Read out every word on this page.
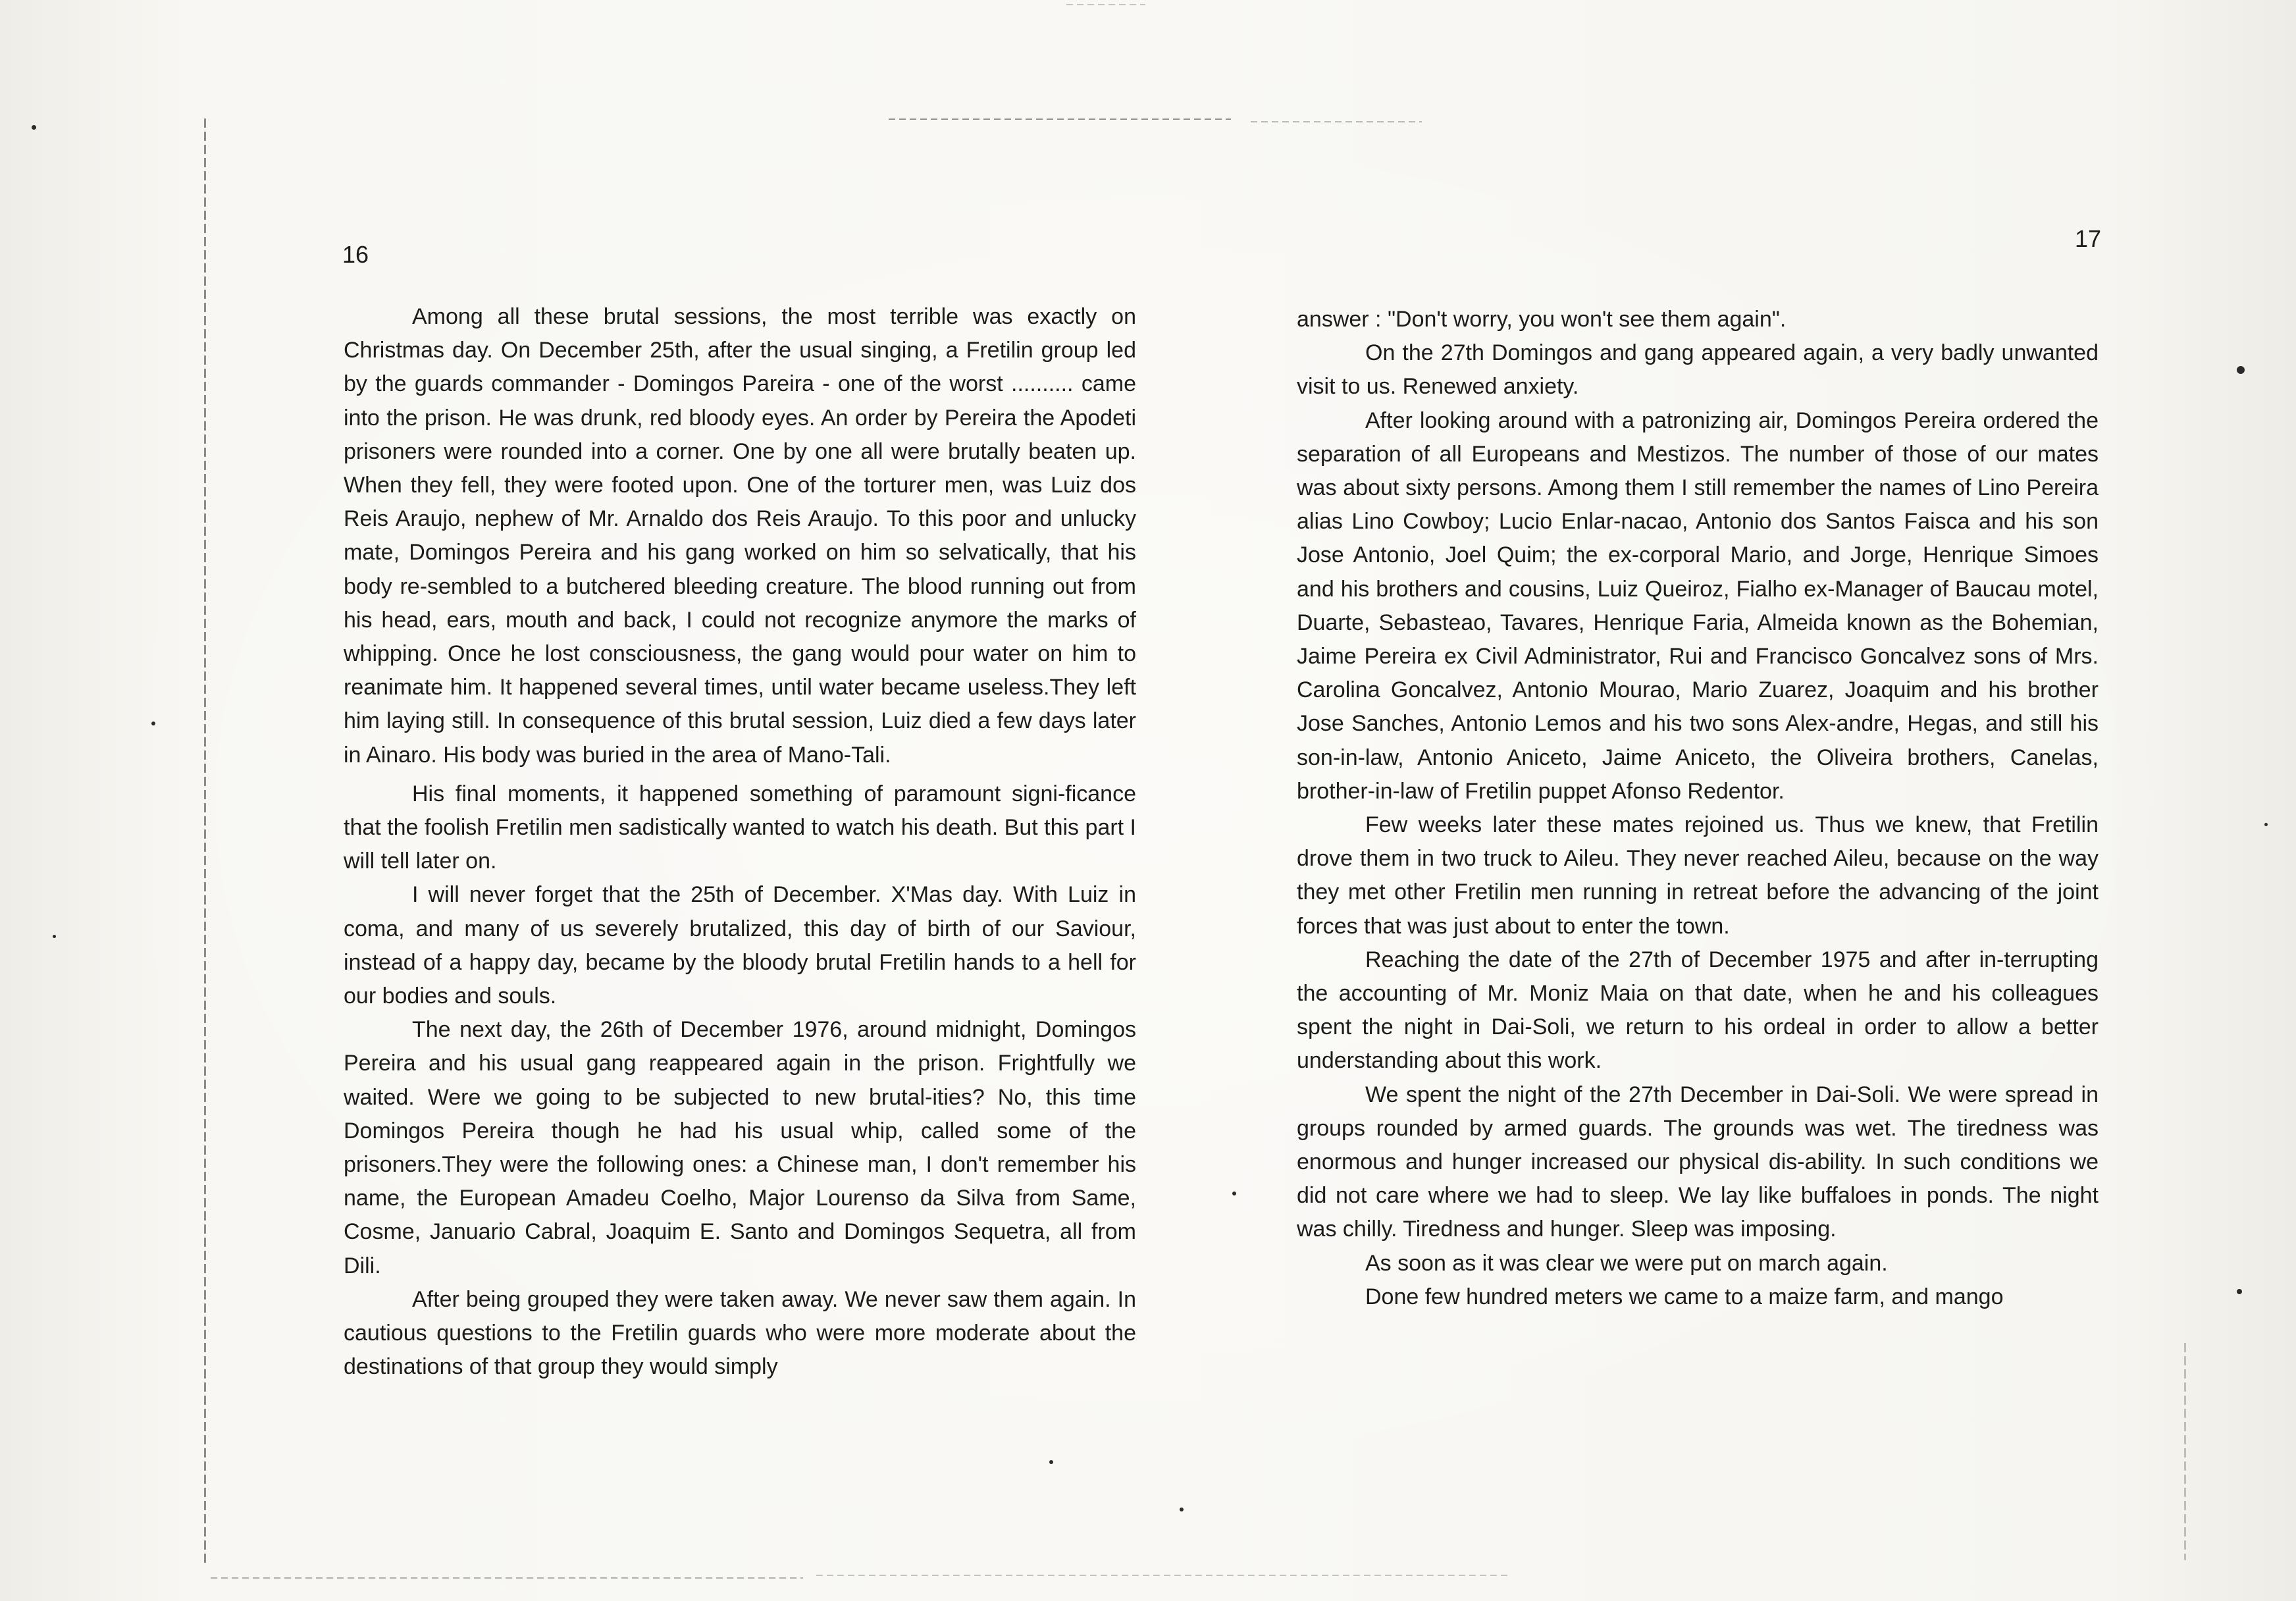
16

Among all these brutal sessions, the most terrible was exactly on Christmas day. On December 25th, after the usual singing, a Fretilin group led by the guards commander - Domingos Pareira - one of the worst .......... came into the prison. He was drunk, red bloody eyes. An order by Pereira the Apodeti prisoners were rounded into a corner. One by one all were brutally beaten up. When they fell, they were footed upon. One of the torturer men, was Luiz dos Reis Araujo, nephew of Mr. Arnaldo dos Reis Araujo. To this poor and unlucky mate, Domingos Pereira and his gang worked on him so selvatically, that his body re-sembled to a butchered bleeding creature. The blood running out from his head, ears, mouth and back, I could not recognize anymore the marks of whipping. Once he lost consciousness, the gang would pour water on him to reanimate him. It happened several times, until water became useless.They left him laying still. In consequence of this brutal session, Luiz died a few days later in Ainaro. His body was buried in the area of Mano-Tali.

His final moments, it happened something of paramount signi-ficance that the foolish Fretilin men sadistically wanted to watch his death. But this part I will tell later on.

I will never forget that the 25th of December. X'Mas day. With Luiz in coma, and many of us severely brutalized, this day of birth of our Saviour, instead of a happy day, became by the bloody brutal Fretilin hands to a hell for our bodies and souls.

The next day, the 26th of December 1976, around midnight, Domingos Pereira and his usual gang reappeared again in the prison. Frightfully we waited. Were we going to be subjected to new brutal-ities? No, this time Domingos Pereira though he had his usual whip, called some of the prisoners.They were the following ones: a Chinese man, I don't remember his name, the European Amadeu Coelho, Major Lourenso da Silva from Same, Cosme, Januario Cabral, Joaquim E. Santo and Domingos Sequetra, all from Dili.

After being grouped they were taken away. We never saw them again. In cautious questions to the Fretilin guards who were more moderate about the destinations of that group they would simply

17

answer : "Don't worry, you won't see them again".

On the 27th Domingos and gang appeared again, a very badly unwanted visit to us. Renewed anxiety.

After looking around with a patronizing air, Domingos Pereira ordered the separation of all Europeans and Mestizos. The number of those of our mates was about sixty persons. Among them I still remember the names of Lino Pereira alias Lino Cowboy; Lucio Enlar-nacao, Antonio dos Santos Faisca and his son Jose Antonio, Joel Quim; the ex-corporal Mario, and Jorge, Henrique Simoes and his brothers and cousins, Luiz Queiroz, Fialho ex-Manager of Baucau motel, Duarte, Sebasteao, Tavares, Henrique Faria, Almeida known as the Bohemian, Jaime Pereira ex Civil Administrator, Rui and Francisco Goncalvez sons of Mrs. Carolina Goncalvez, Antonio Mourao, Mario Zuarez, Joaquim and his brother Jose Sanches, Antonio Lemos and his two sons Alex-andre, Hegas, and still his son-in-law, Antonio Aniceto, Jaime Aniceto, the Oliveira brothers, Canelas, brother-in-law of Fretilin puppet Afonso Redentor.

Few weeks later these mates rejoined us. Thus we knew, that Fretilin drove them in two truck to Aileu. They never reached Aileu, because on the way they met other Fretilin men running in retreat before the advancing of the joint forces that was just about to enter the town.

Reaching the date of the 27th of December 1975 and after in-terrupting the accounting of Mr. Moniz Maia on that date, when he and his colleagues spent the night in Dai-Soli, we return to his ordeal in order to allow a better understanding about this work.

We spent the night of the 27th December in Dai-Soli. We were spread in groups rounded by armed guards. The grounds was wet. The tiredness was enormous and hunger increased our physical dis-ability. In such conditions we did not care where we had to sleep. We lay like buffaloes in ponds. The night was chilly. Tiredness and hunger. Sleep was imposing.

As soon as it was clear we were put on march again.

Done few hundred meters we came to a maize farm, and mango
